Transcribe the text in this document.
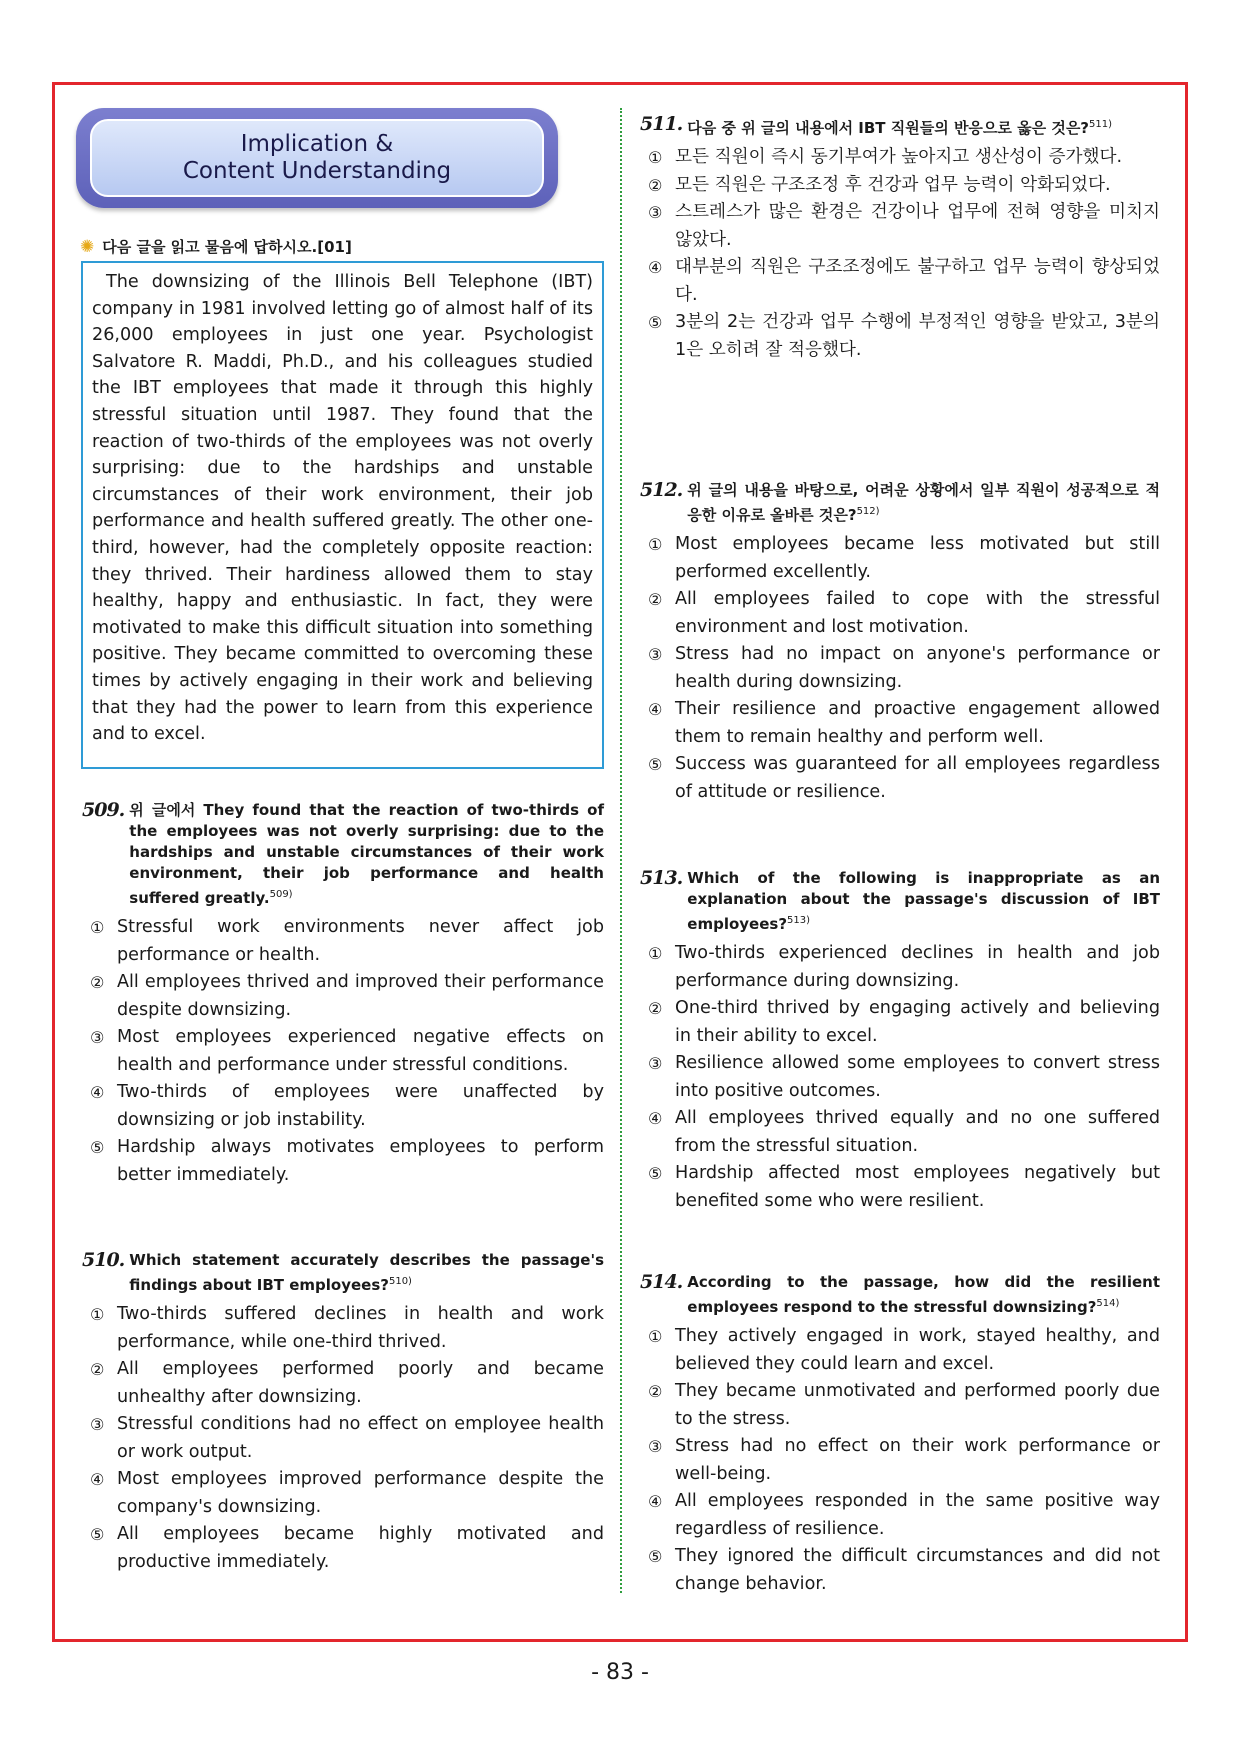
Implication &
Content Understanding
✺ 다음 글을 읽고 물음에 답하시오.[01]
The downsizing of the Illinois Bell Telephone (IBT) company in 1981 involved letting go of almost half of its 26,000 employees in just one year. Psychologist Salvatore R. Maddi, Ph.D., and his colleagues studied the IBT employees that made it through this highly stressful situation until 1987. They found that the reaction of two-thirds of the employees was not overly surprising: due to the hardships and unstable circumstances of their work environment, their job performance and health suffered greatly. The other one-third, however, had the completely opposite reaction: they thrived. Their hardiness allowed them to stay healthy, happy and enthusiastic. In fact, they were motivated to make this difficult situation into something positive. They became committed to overcoming these times by actively engaging in their work and believing that they had the power to learn from this experience and to excel.
509. 위 글에서 They found that the reaction of two-thirds of the employees was not overly surprising: due to the hardships and unstable circumstances of their work environment, their job performance and health suffered greatly.$^{509)}$
① Stressful work environments never affect job performance or health.
② All employees thrived and improved their performance despite downsizing.
③ Most employees experienced negative effects on health and performance under stressful conditions.
④ Two-thirds of employees were unaffected by downsizing or job instability.
⑤ Hardship always motivates employees to perform better immediately.
510. Which statement accurately describes the passage's findings about IBT employees?$^{510)}$
① Two-thirds suffered declines in health and work performance, while one-third thrived.
② All employees performed poorly and became unhealthy after downsizing.
③ Stressful conditions had no effect on employee health or work output.
④ Most employees improved performance despite the company's downsizing.
⑤ All employees became highly motivated and productive immediately.
511. 다음 중 위 글의 내용에서 IBT 직원들의 반응으로 옳은 것은?$^{511)}$
① 모든 직원이 즉시 동기부여가 높아지고 생산성이 증가했다.
② 모든 직원은 구조조정 후 건강과 업무 능력이 악화되었다.
③ 스트레스가 많은 환경은 건강이나 업무에 전혀 영향을 미치지 않았다.
④ 대부분의 직원은 구조조정에도 불구하고 업무 능력이 향상되었다.
⑤ 3분의 2는 건강과 업무 수행에 부정적인 영향을 받았고, 3분의 1은 오히려 잘 적응했다.
512. 위 글의 내용을 바탕으로, 어려운 상황에서 일부 직원이 성공적으로 적응한 이유로 올바른 것은?$^{512)}$
① Most employees became less motivated but still performed excellently.
② All employees failed to cope with the stressful environment and lost motivation.
③ Stress had no impact on anyone's performance or health during downsizing.
④ Their resilience and proactive engagement allowed them to remain healthy and perform well.
⑤ Success was guaranteed for all employees regardless of attitude or resilience.
513. Which of the following is inappropriate as an explanation about the passage's discussion of IBT employees?$^{513)}$
① Two-thirds experienced declines in health and job performance during downsizing.
② One-third thrived by engaging actively and believing in their ability to excel.
③ Resilience allowed some employees to convert stress into positive outcomes.
④ All employees thrived equally and no one suffered from the stressful situation.
⑤ Hardship affected most employees negatively but benefited some who were resilient.
514. According to the passage, how did the resilient employees respond to the stressful downsizing?$^{514)}$
① They actively engaged in work, stayed healthy, and believed they could learn and excel.
② They became unmotivated and performed poorly due to the stress.
③ Stress had no effect on their work performance or well-being.
④ All employees responded in the same positive way regardless of resilience.
⑤ They ignored the difficult circumstances and did not change behavior.
- 83 -
